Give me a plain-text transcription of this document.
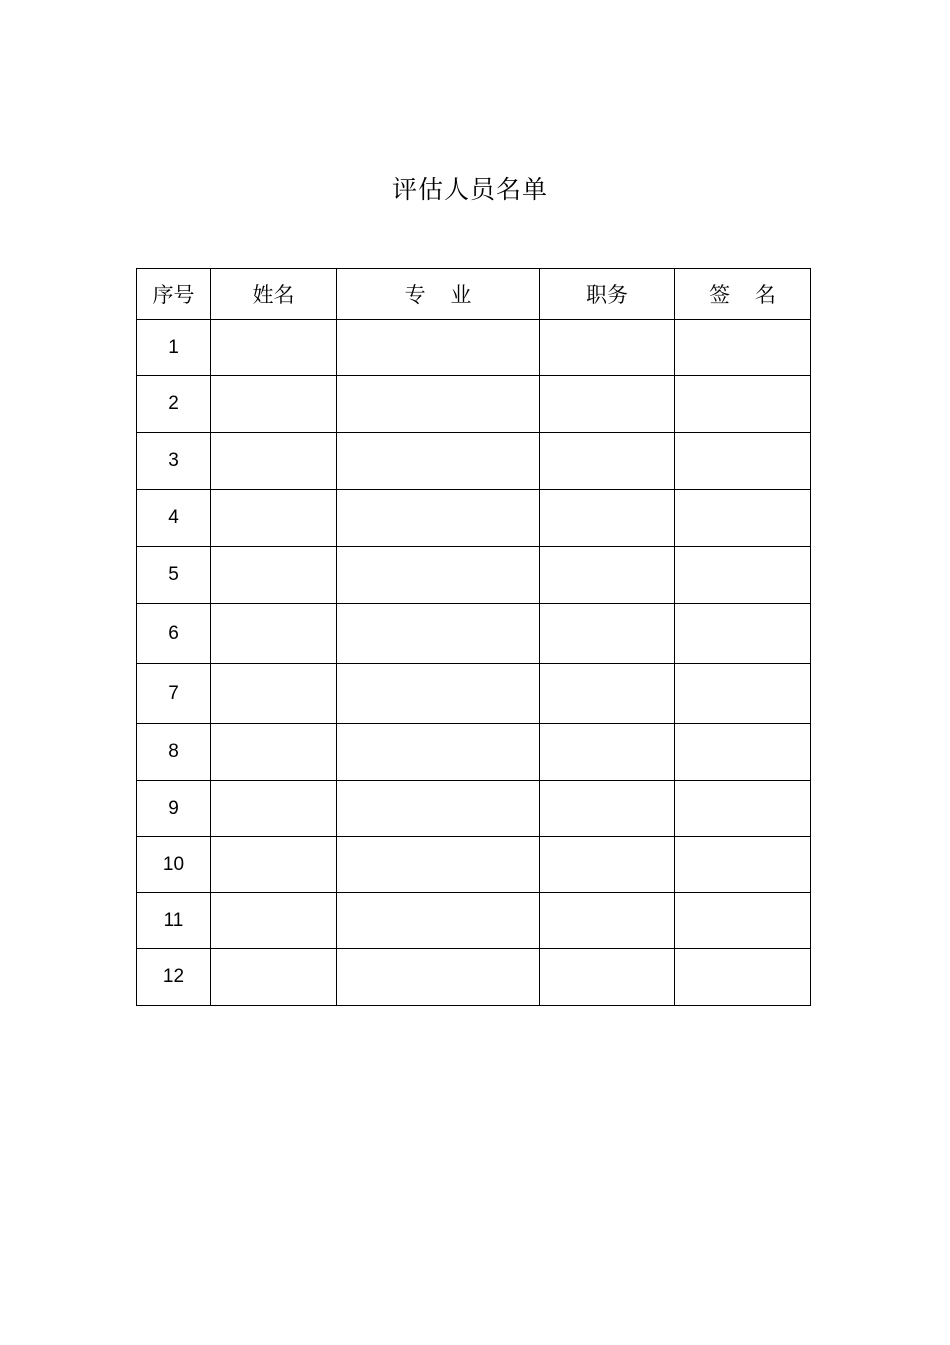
评估人员名单
序号	姓名	专 业	职务	签 名
1				
2				
3				
4				
5				
6				
7				
8				
9				
10				
11				
12				
